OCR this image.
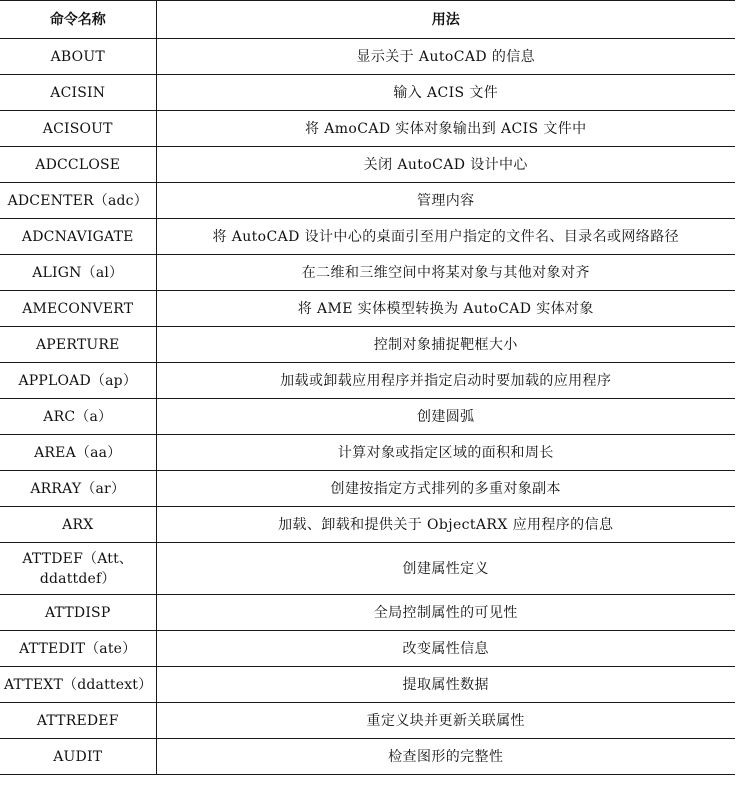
命令名称	用法
ABOUT	显示关于 AutoCAD 的信息
ACISIN	输入 ACIS 文件
ACISOUT	将 AmoCAD 实体对象输出到 ACIS 文件中
ADCCLOSE	关闭 AutoCAD 设计中心
ADCENTER（adc）	管理内容
ADCNAVIGATE	将 AutoCAD 设计中心的桌面引至用户指定的文件名、目录名或网络路径
ALIGN（al）	在二维和三维空间中将某对象与其他对象对齐
AMECONVERT	将 AME 实体模型转换为 AutoCAD 实体对象
APERTURE	控制对象捕捉靶框大小
APPLOAD（ap）	加载或卸载应用程序并指定启动时要加载的应用程序
ARC（a）	创建圆弧
AREA（aa）	计算对象或指定区域的面积和周长
ARRAY（ar）	创建按指定方式排列的多重对象副本
ARX	加载、卸载和提供关于 ObjectARX 应用程序的信息
ATTDEF（Att、ddattdef）	创建属性定义
ATTDISP	全局控制属性的可见性
ATTEDIT（ate）	改变属性信息
ATTEXT（ddattext）	提取属性数据
ATTREDEF	重定义块并更新关联属性
AUDIT	检查图形的完整性
